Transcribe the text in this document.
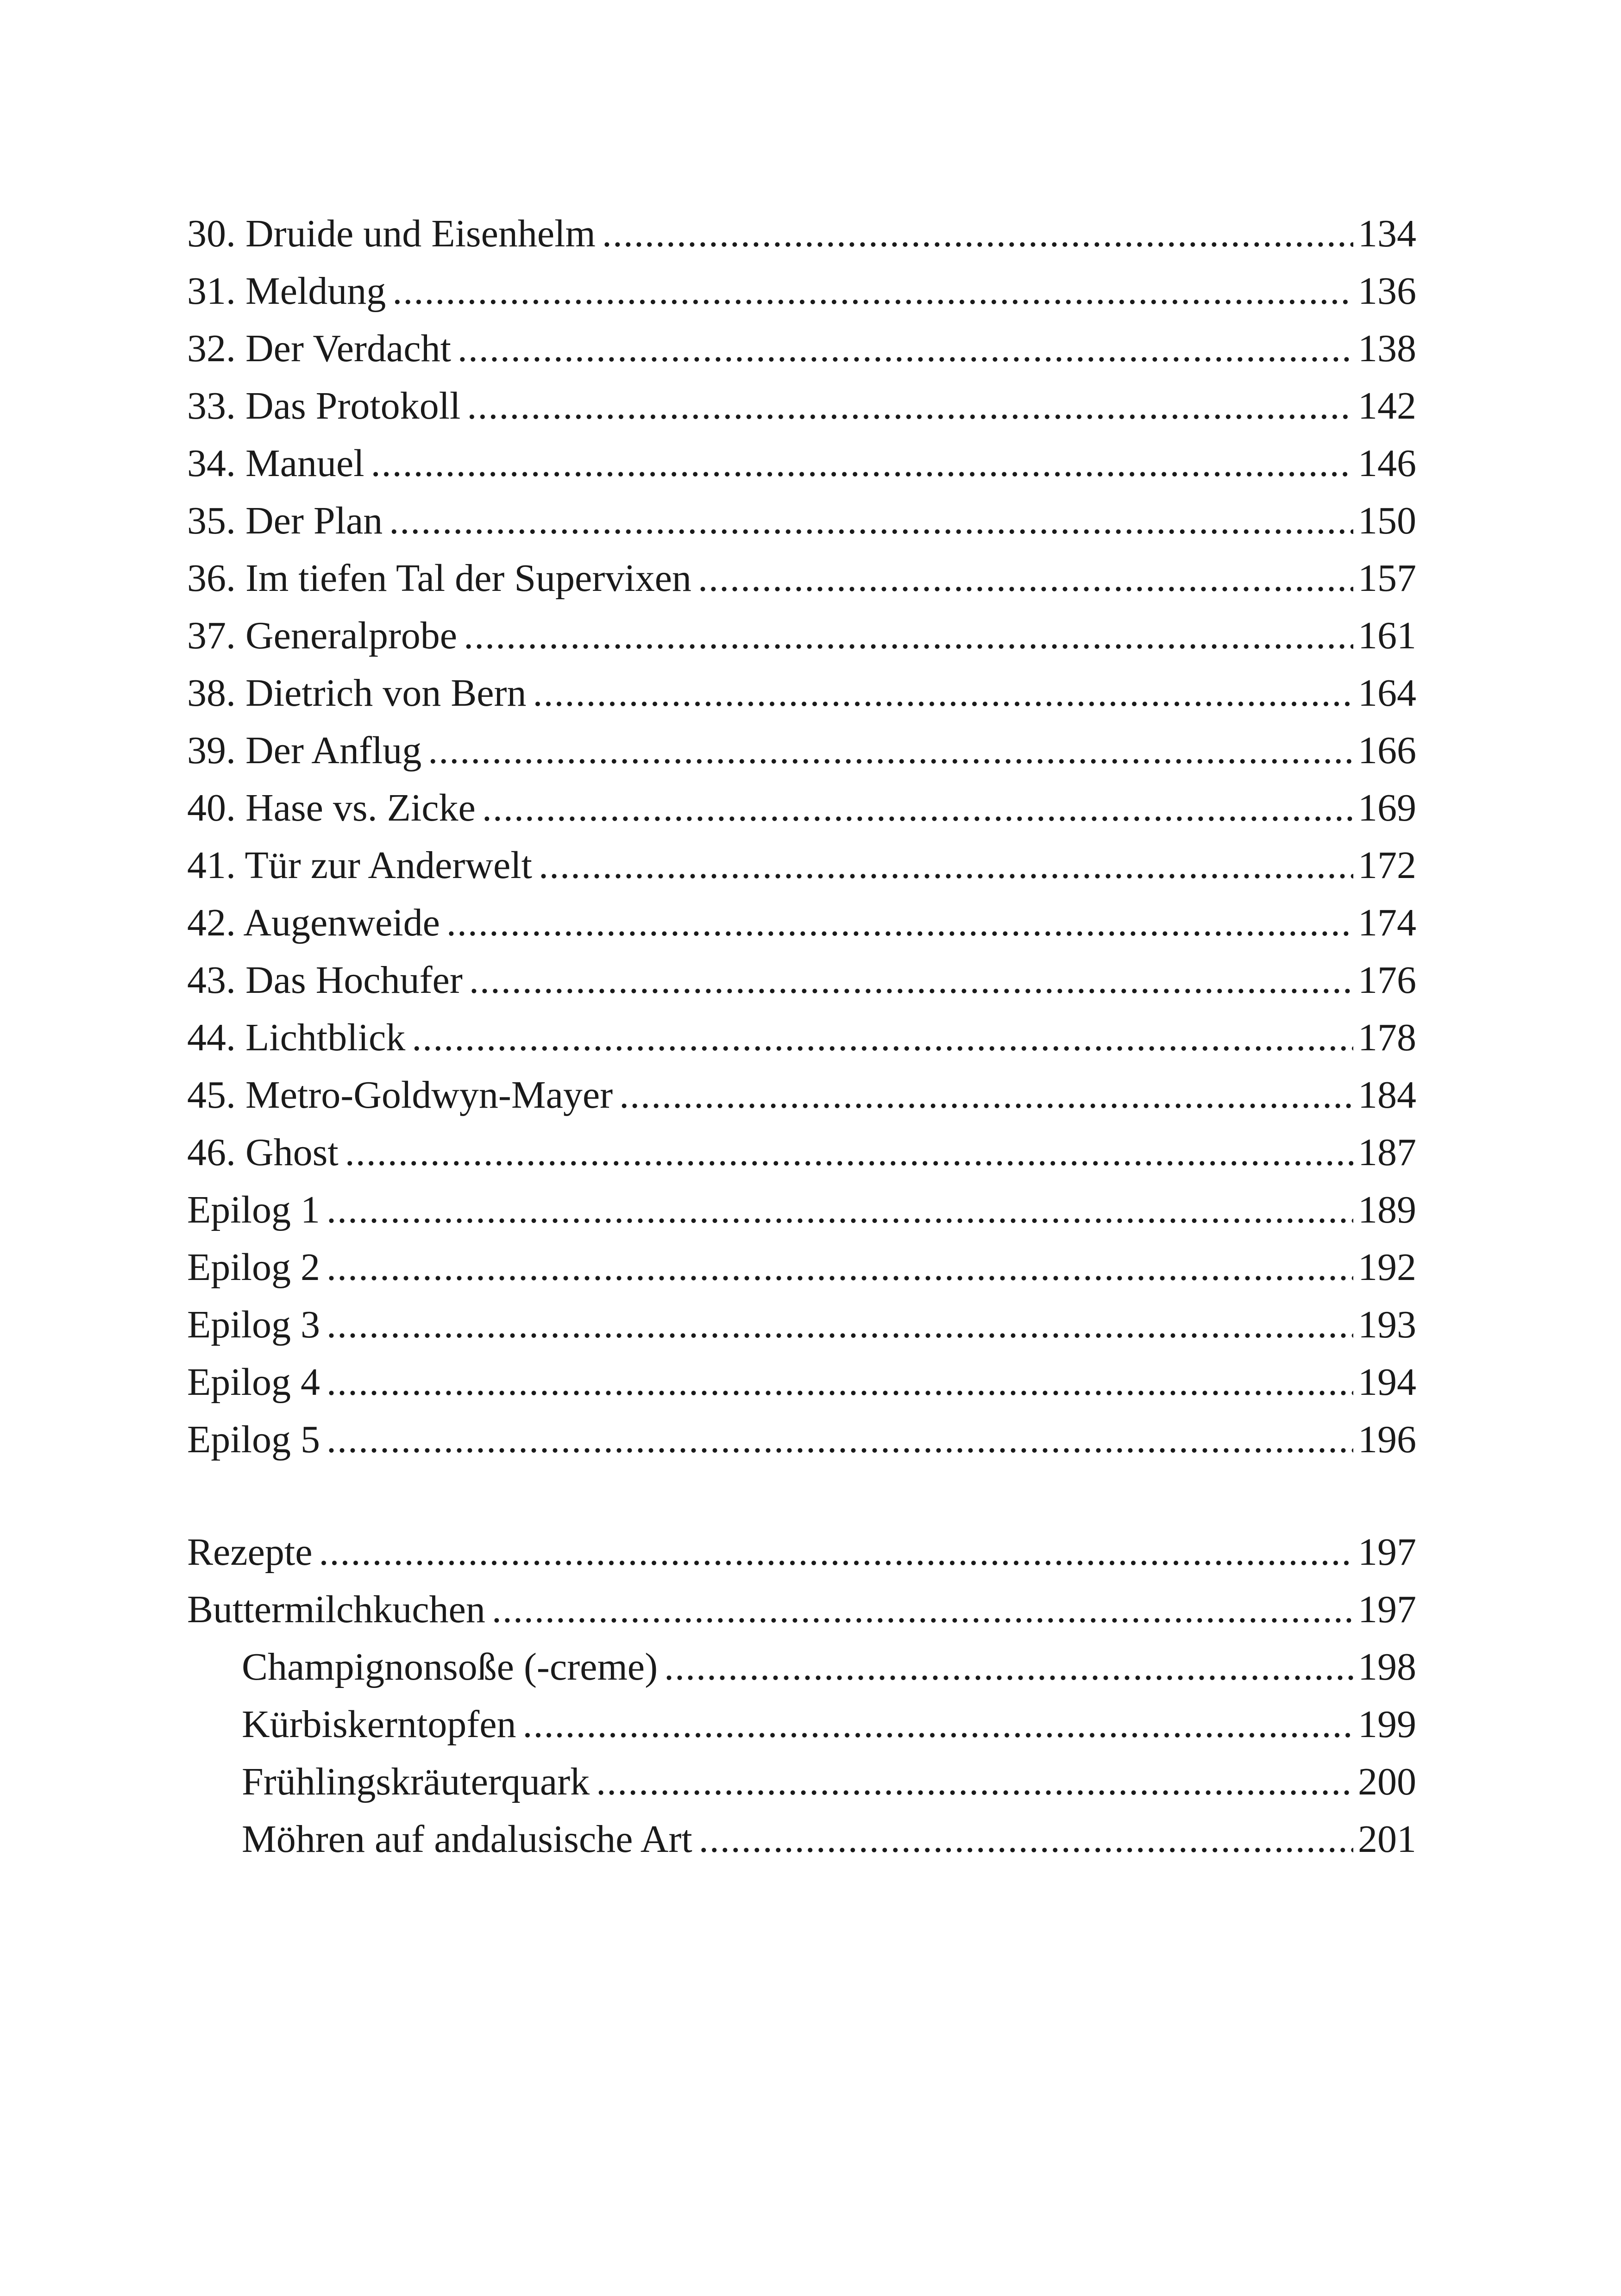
30. Druide und Eisenhelm .....	134
31. Meldung .....	136
32. Der Verdacht .....	138
33. Das Protokoll .....	142
34. Manuel .....	146
35. Der Plan .....	150
36. Im tiefen Tal der Supervixen .....	157
37. Generalprobe .....	161
38. Dietrich von Bern .....	164
39. Der Anflug .....	166
40. Hase vs. Zicke .....	169
41. Tür zur Anderwelt .....	172
42. Augenweide .....	174
43. Das Hochufer .....	176
44. Lichtblick .....	178
45. Metro-Goldwyn-Mayer .....	184
46. Ghost .....	187
Epilog 1 .....	189
Epilog 2 .....	192
Epilog 3 .....	193
Epilog 4 .....	194
Epilog 5 .....	196
Rezepte .....	197
Buttermilchkuchen .....	197
Champignonsoße (-creme) .....	198
Kürbiskerntopfen .....	199
Frühlingskräuterquark .....	200
Möhren auf andalusische Art .....	201
